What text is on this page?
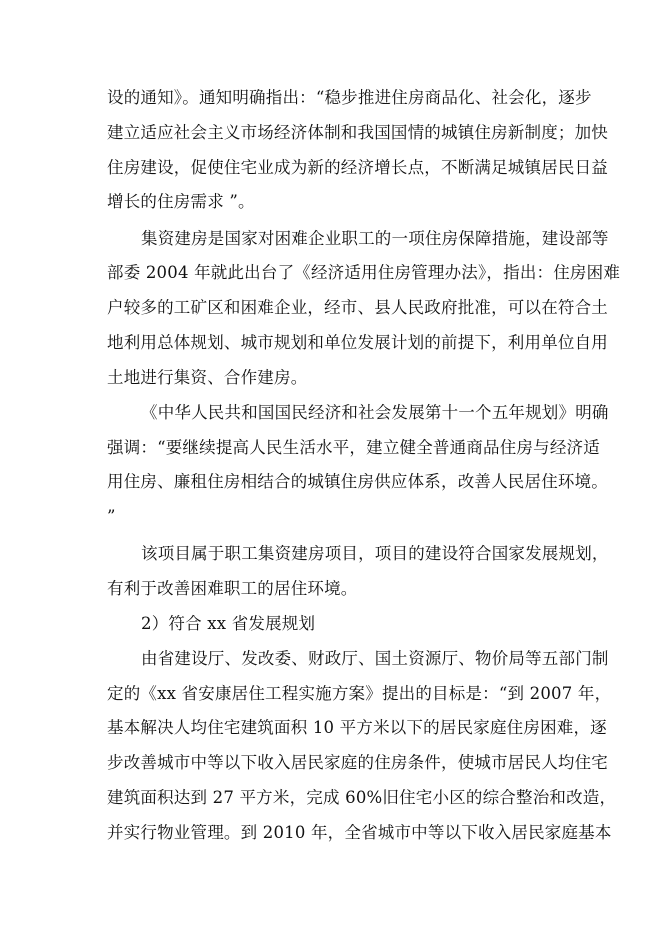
设的通知》。通知明确指出：“稳步推进住房商品化、社会化，逐步
建立适应社会主义市场经济体制和我国国情的城镇住房新制度；加快
住房建设，促使住宅业成为新的经济增长点，不断满足城镇居民日益
增长的住房需求 ”。
集资建房是国家对困难企业职工的一项住房保障措施，建设部等
部委 2004 年就此出台了《经济适用住房管理办法》，指出：住房困难
户较多的工矿区和困难企业，经市、县人民政府批准，可以在符合土
地利用总体规划、城市规划和单位发展计划的前提下，利用单位自用
土地进行集资、合作建房。
《中华人民共和国国民经济和社会发展第十一个五年规划》明确
强调：“要继续提高人民生活水平，建立健全普通商品住房与经济适
用住房、廉租住房相结合的城镇住房供应体系，改善人民居住环境。
”
该项目属于职工集资建房项目，项目的建设符合国家发展规划，
有利于改善困难职工的居住环境。
2）符合 xx 省发展规划
由省建设厅、发改委、财政厅、国土资源厅、物价局等五部门制
定的《xx 省安康居住工程实施方案》提出的目标是：“到 2007 年，
基本解决人均住宅建筑面积 10 平方米以下的居民家庭住房困难，逐
步改善城市中等以下收入居民家庭的住房条件，使城市居民人均住宅
建筑面积达到 27 平方米，完成 60%旧住宅小区的综合整治和改造，
并实行物业管理。到 2010 年，全省城市中等以下收入居民家庭基本
